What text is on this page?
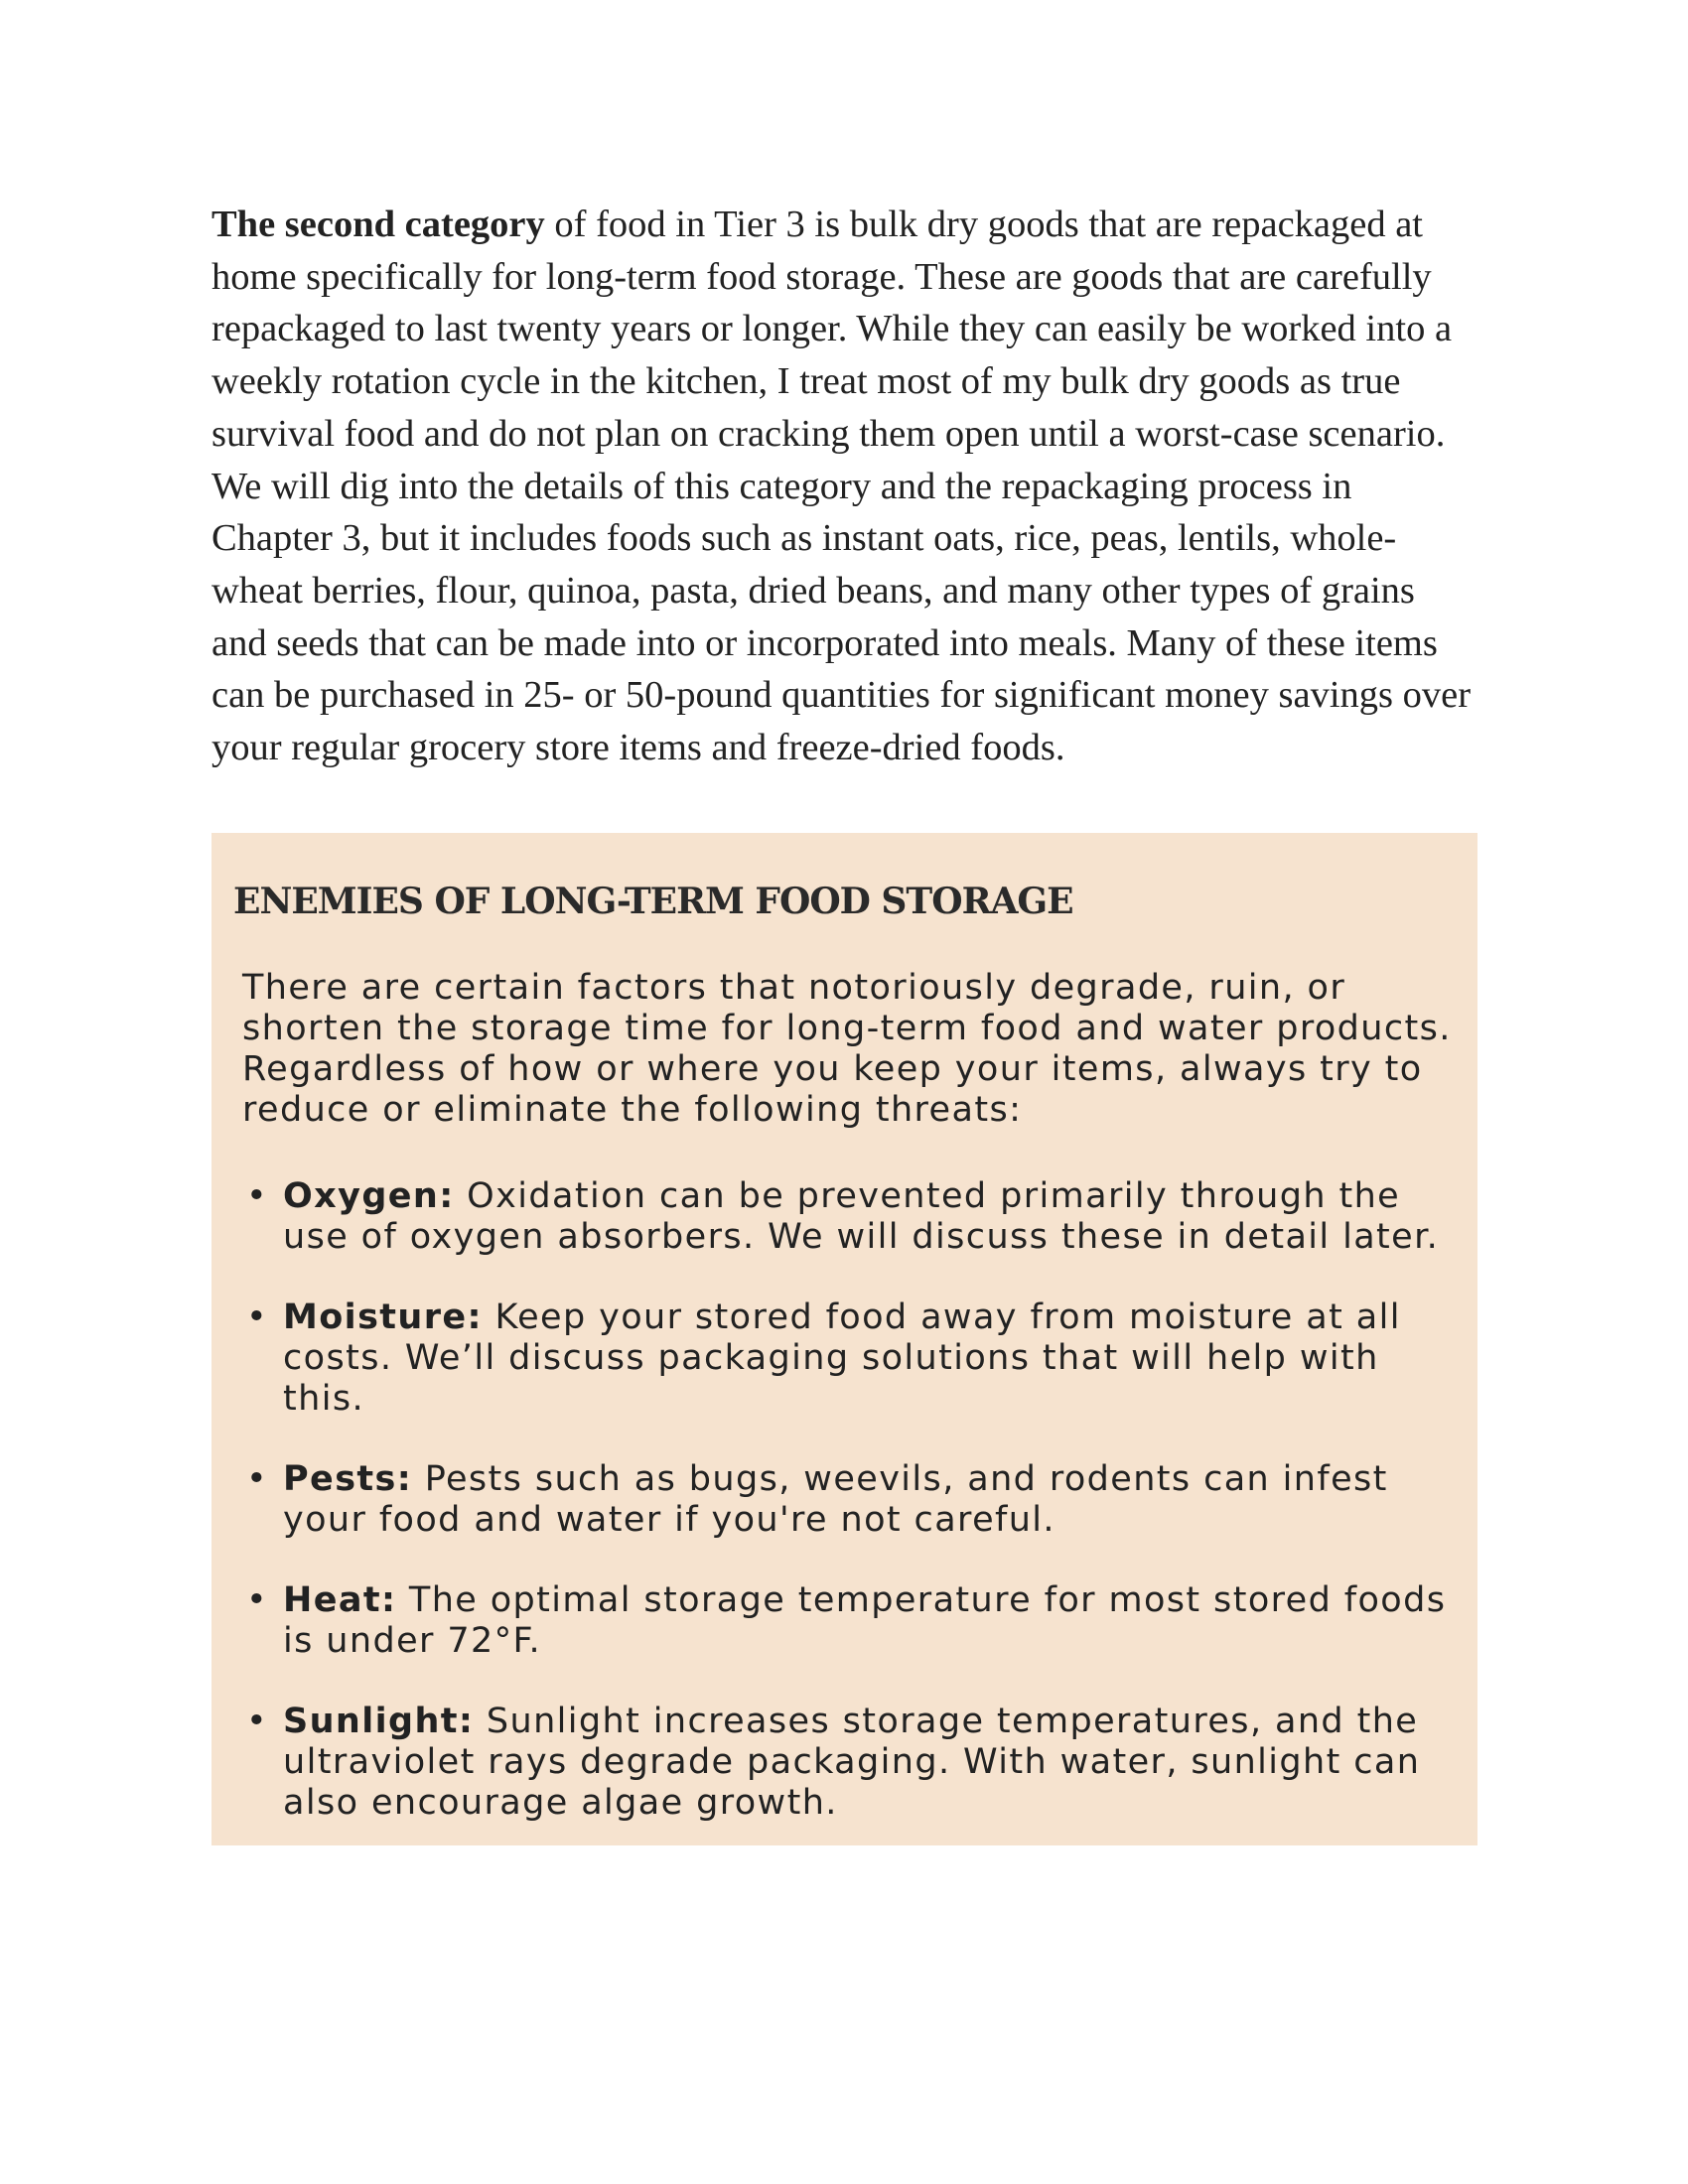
The second category of food in Tier 3 is bulk dry goods that are repackaged at home specifically for long-term food storage. These are goods that are carefully repackaged to last twenty years or longer. While they can easily be worked into a weekly rotation cycle in the kitchen, I treat most of my bulk dry goods as true survival food and do not plan on cracking them open until a worst-case scenario. We will dig into the details of this category and the repackaging process in Chapter 3, but it includes foods such as instant oats, rice, peas, lentils, whole-wheat berries, flour, quinoa, pasta, dried beans, and many other types of grains and seeds that can be made into or incorporated into meals. Many of these items can be purchased in 25- or 50-pound quantities for significant money savings over your regular grocery store items and freeze-dried foods.

ENEMIES OF LONG-TERM FOOD STORAGE

There are certain factors that notoriously degrade, ruin, or shorten the storage time for long-term food and water products. Regardless of how or where you keep your items, always try to reduce or eliminate the following threats:

• Oxygen: Oxidation can be prevented primarily through the use of oxygen absorbers. We will discuss these in detail later.
• Moisture: Keep your stored food away from moisture at all costs. We’ll discuss packaging solutions that will help with this.
• Pests: Pests such as bugs, weevils, and rodents can infest your food and water if you're not careful.
• Heat: The optimal storage temperature for most stored foods is under 72°F.
• Sunlight: Sunlight increases storage temperatures, and the ultraviolet rays degrade packaging. With water, sunlight can also encourage algae growth.
